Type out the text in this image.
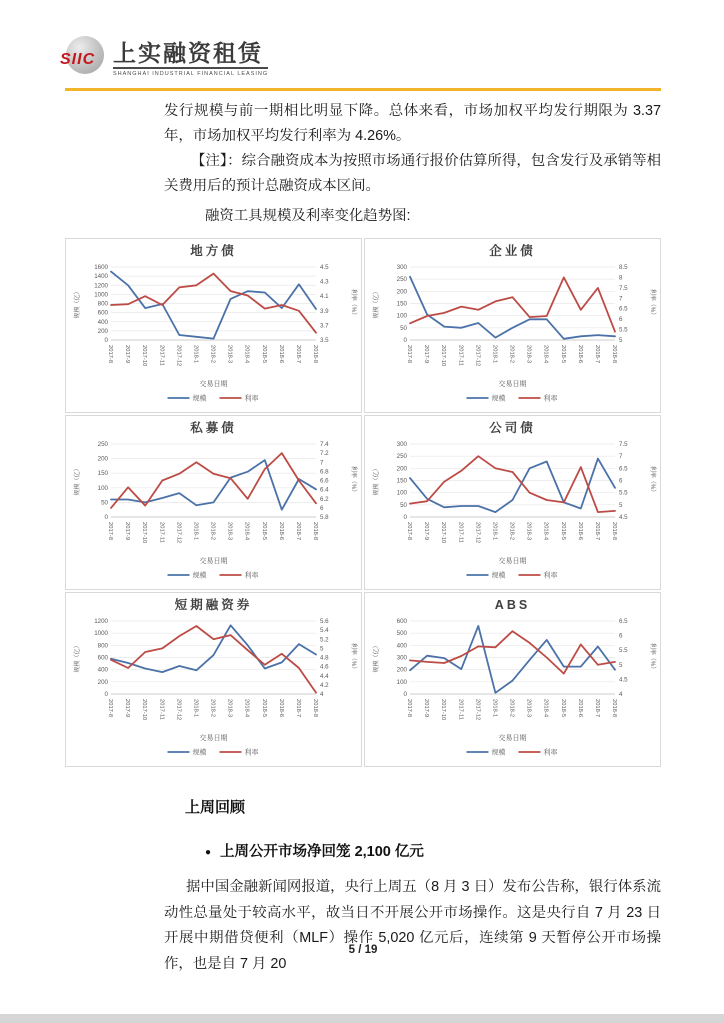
SIIC 上实融资租赁
SHANGHAI INDUSTRIAL FINANCIAL LEASING
发行规模与前一期相比明显下降。总体来看，市场加权平均发行期限为 3.37 年，市场加权平均发行利率为 4.26%。
【注】：综合融资成本为按照市场通行报价估算所得，包含发行及承销等相关费用后的预计总融资成本区间。
融资工具规模及利率变化趋势图:
0
200
400
600
800
1000
1200
1400
1600
3.5
3.7
3.9
4.1
4.3
4.5
2017-8 2017-9 2017-10 2017-11 2017-12 2018-1 2018-2 2018-3 2018-4 2018-5 2018-6 2018-7 2018-8
地方债
规模（亿）	利率（%）
交易日期
规模	利率
0
50
100
150
200
250
300
5
5.5
6
6.5
7
7.5
8
8.5
2017-8 2017-9 2017-10 2017-11 2017-12 2018-1 2018-2 2018-3 2018-4 2018-5 2018-6 2018-7 2018-8
企业债
规模（亿）	利率（%）
交易日期
规模	利率
0
50
100
150
200
250
5.8
6
6.2
6.4
6.6
6.8
7
7.2
7.4
2017-8 2017-9 2017-10 2017-11 2017-12 2018-1 2018-2 2018-3 2018-4 2018-5 2018-6 2018-7 2018-8
私募债
规模（亿）	利率（%）
交易日期
规模	利率
0
50
100
150
200
250
300
4.5
5
5.5
6
6.5
7
7.5
2017-8 2017-9 2017-10 2017-11 2017-12 2018-1 2018-2 2018-3 2018-4 2018-5 2018-6 2018-7 2018-8
公司债
规模（亿）	利率（%）
交易日期
规模	利率
0
200
400
600
800
1000
1200
4
4.2
4.4
4.6
4.8
5
5.2
5.4
5.6
2017-8 2017-9 2017-10 2017-11 2017-12 2018-1 2018-2 2018-3 2018-4 2018-5 2018-6 2018-7 2018-8
短期融资券
规模（亿）	利率（%）
交易日期
规模	利率
0
100
200
300
400
500
600
4
4.5
5
5.5
6
6.5
2017-8 2017-9 2017-10 2017-11 2017-12 2018-1 2018-2 2018-3 2018-4 2018-5 2018-6 2018-7 2018-8
ABS
规模（亿）	利率（%）
交易日期
规模	利率
上周回顾
● 上周公开市场净回笼 2,100 亿元
据中国金融新闻网报道，央行上周五（8 月 3 日）发布公告称，银行体系流动性总量处于较高水平，故当日不开展公开市场操作。这是央行自 7 月 23 日开展中期借贷便利（MLF）操作 5,020 亿元后，连续第 9 天暂停公开市场操作，也是自 7 月 20
5 / 19
